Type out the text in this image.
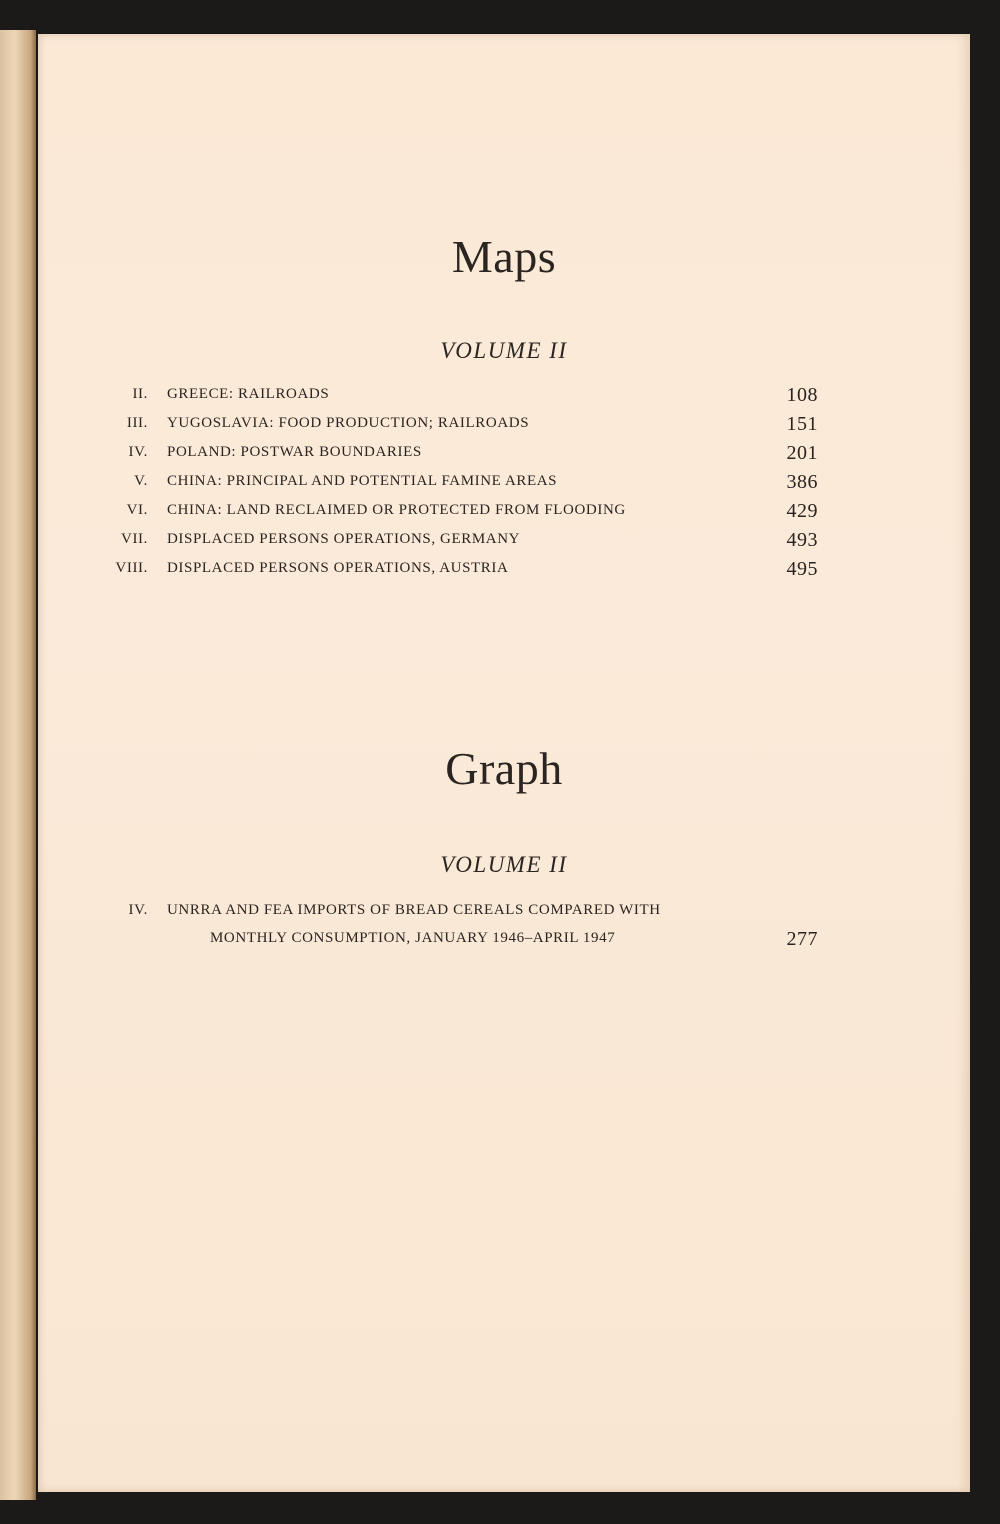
Maps
VOLUME II
II. GREECE: RAILROADS	108
III. YUGOSLAVIA: FOOD PRODUCTION; RAILROADS	151
IV. POLAND: POSTWAR BOUNDARIES	201
V. CHINA: PRINCIPAL AND POTENTIAL FAMINE AREAS	386
VI. CHINA: LAND RECLAIMED OR PROTECTED FROM FLOODING	429
VII. DISPLACED PERSONS OPERATIONS, GERMANY	493
VIII. DISPLACED PERSONS OPERATIONS, AUSTRIA	495
Graph
VOLUME II
IV. UNRRA AND FEA IMPORTS OF BREAD CEREALS COMPARED WITH
MONTHLY CONSUMPTION, JANUARY 1946–APRIL 1947	277
